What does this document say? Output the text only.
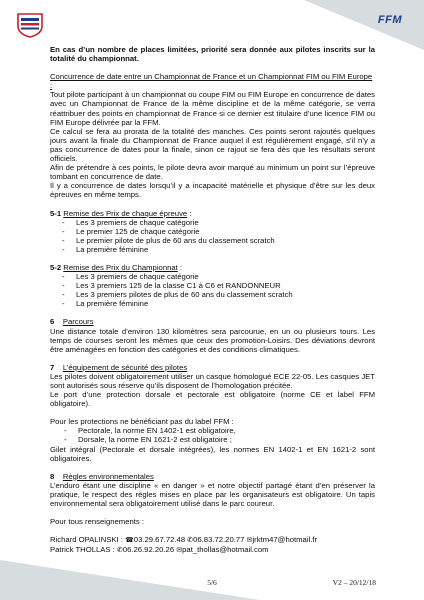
FFM

En cas d’un nombre de places limitées, priorité sera donnée aux pilotes inscrits sur la totalité du championnat.

Concurrence de date entre un Championnat de France et un Championnat FIM ou FIM Europe :

Tout pilote participant à un championnat ou coupe FIM ou FIM Europe en concurrence de dates avec un Championnat de France de la même discipline et de la même catégorie, se verra réattribuer des points en championnat de France si ce dernier est titulaire d’une licence FIM ou FIM Europe délivrée par la FFM.

Ce calcul se fera au prorata de la totalité des manches. Ces points seront rajoutés quelques jours avant la finale du Championnat de France auquel il est régulièrement engagé, s’il n’y a pas concurrence de dates pour la finale, sinon ce rajout se fera dès que les résultats seront officiels.

Afin de prétendre à ces points, le pilote devra avoir marqué au minimum un point sur l’épreuve tombant en concurrence de date.

Il y a concurrence de dates lorsqu’il y a incapacité matérielle et physique d’être sur les deux épreuves en même temps.

5-1 Remise des Prix de chaque épreuve :

- Les 3 premiers de chaque catégorie
- Le premier 125 de chaque catégorie
- Le premier pilote de plus de 60 ans du classement scratch
- La première féminine

5-2 Remise des Prix du Championnat :

- Les 3 premiers de chaque catégorie
- Les 3 premiers 125 de la classe C1 à C6 et RANDONNEUR
- Les 3 premiers pilotes de plus de 60 ans du classement scratch
- La première féminine

6 Parcours

Une distance totale d’environ 130 kilomètres sera parcourue, en un ou plusieurs tours. Les temps de courses seront les mêmes que ceux des promotion-Loisirs. Des déviations devront être aménagées en fonction des catégories et des conditions climatiques.

7 L’équipement de sécurité des pilotes

Les pilotes doivent obligatoirement utiliser un casque homologué ECE 22-05. Les casques JET sont autorisés sous réserve qu’ils disposent de l’homologation précitée.

Le port d’une protection dorsale et pectorale est obligatoire (norme CE et label FFM obligatoire).

Pour les protections ne bénéficiant pas du label FFM :

- Pectorale, la norme EN 1402-1 est obligatoire,
- Dorsale, la norme EN 1621-2 est obligatoire ;

Gilet intégral (Pectorale et dorsale intégrées), les normes EN 1402-1 et EN 1621-2 sont obligatoires.

8 Règles environnementales

L’enduro étant une discipline « en danger » et notre objectif partagé étant d’en préserver la pratique, le respect des règles mises en place par les organisateurs est obligatoire. Un tapis environnemental sera obligatoirement utilisé dans le parc coureur.

Pour tous renseignements :

Richard OPALINSKI : ☎03.29.67.72.48 ✆06.83.72.20.77 ✉jrktm47@hotmail.fr

Patrick THOLLAS : ✆06.26.92.20.26 ✉pat_thollas@hotmail.com

5/6	V2 – 20/12/18
